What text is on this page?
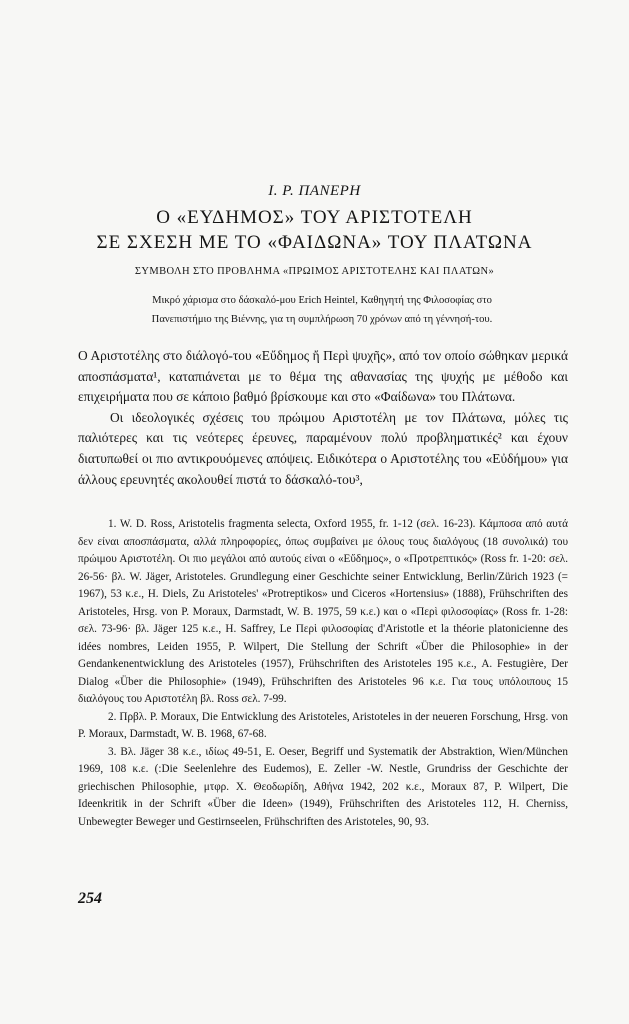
I. P. ΠΑΝΕΡΗ
Ο «ΕΥΔΗΜΟΣ» ΤΟΥ ΑΡΙΣΤΟΤΕΛΗ
ΣΕ ΣΧΕΣΗ ΜΕ ΤΟ «ΦΑΙΔΩΝΑ» ΤΟΥ ΠΛΑΤΩΝΑ
ΣΥΜΒΟΛΗ ΣΤΟ ΠΡΟΒΛΗΜΑ «ΠΡΩΙΜΟΣ ΑΡΙΣΤΟΤΕΛΗΣ ΚΑΙ ΠΛΑΤΩΝ»

Μικρό χάρισμα στο δάσκαλό-μου Erich Heintel, Καθηγητή της Φιλοσοφίας στο

Πανεπιστήμιο της Βιέννης, για τη συμπλήρωση 70 χρόνων από τη γέννησή-του.

Ο Αριστοτέλης στο διάλογό-του «Εὔδημος ἤ Περὶ ψυχῆς», από τον οποίο σώθηκαν μερικά αποσπάσματα¹, καταπιάνεται με το θέμα της αθανασίας της ψυχής με μέθοδο και επιχειρήματα που σε κάποιο βαθμό βρίσκουμε και στο «Φαίδωνα» του Πλάτωνα.

Οι ιδεολογικές σχέσεις του πρώιμου Αριστοτέλη με τον Πλάτωνα, μόλες τις παλιότερες και τις νεότερες έρευνες, παραμένουν πολύ προβληματικές² και έχουν διατυπωθεί οι πιο αντικρουόμενες απόψεις. Ειδικότερα ο Αριστοτέλης του «Εὐδήμου» για άλλους ερευνητές ακολουθεί πιστά το δάσκαλό-του³,

1. W. D. Ross, Aristotelis fragmenta selecta, Oxford 1955, fr. 1-12 (σελ. 16-23). Κάμποσα από αυτά δεν είναι αποσπάσματα, αλλά πληροφορίες, όπως συμβαίνει με όλους τους διαλόγους (18 συνολικά) του πρώιμου Αριστοτέλη. Οι πιο μεγάλοι από αυτούς είναι ο «Εὔδημος», ο «Προτρεπτικός» (Ross fr. 1-20: σελ. 26-56· βλ. W. Jäger, Aristoteles. Grundlegung einer Geschichte seiner Entwicklung, Berlin/Zürich 1923 (= 1967), 53 κ.ε., H. Diels, Zu Aristoteles' «Protreptikos» und Ciceros «Hortensius» (1888), Frühschriften des Aristoteles, Hrsg. von P. Moraux, Darmstadt, W. B. 1975, 59 κ.ε.) και ο «Περὶ φιλοσοφίας» (Ross fr. 1-28: σελ. 73-96· βλ. Jäger 125 κ.ε., H. Saffrey, Le Περὶ φιλοσοφίας d'Aristotle et la théorie platonicienne des idées nombres, Leiden 1955, P. Wilpert, Die Stellung der Schrift «Über die Philosophie» in der Gendankenentwicklung des Aristoteles (1957), Frühschriften des Aristoteles 195 κ.ε., A. Festugière, Der Dialog «Über die Philosophie» (1949), Frühschriften des Aristoteles 96 κ.ε. Για τους υπόλοιπους 15 διαλόγους του Αριστοτέλη βλ. Ross σελ. 7-99.

2. Πρβλ. P. Moraux, Die Entwicklung des Aristoteles, Aristoteles in der neueren Forschung, Hrsg. von P. Moraux, Darmstadt, W. B. 1968, 67-68.

3. Βλ. Jäger 38 κ.ε., ιδίως 49-51, E. Oeser, Begriff und Systematik der Abstraktion, Wien/München 1969, 108 κ.ε. (:Die Seelenlehre des Eudemos), E. Zeller -W. Nestle, Grundriss der Geschichte der griechischen Philosophie, μτφρ. Χ. Θεοδωρίδη, Αθήνα 1942, 202 κ.ε., Moraux 87, P. Wilpert, Die Ideenkritik in der Schrift «Über die Ideen» (1949), Frühschriften des Aristoteles 112, H. Cherniss, Unbewegter Beweger und Gestirnseelen, Frühschriften des Aristoteles, 90, 93.

254
